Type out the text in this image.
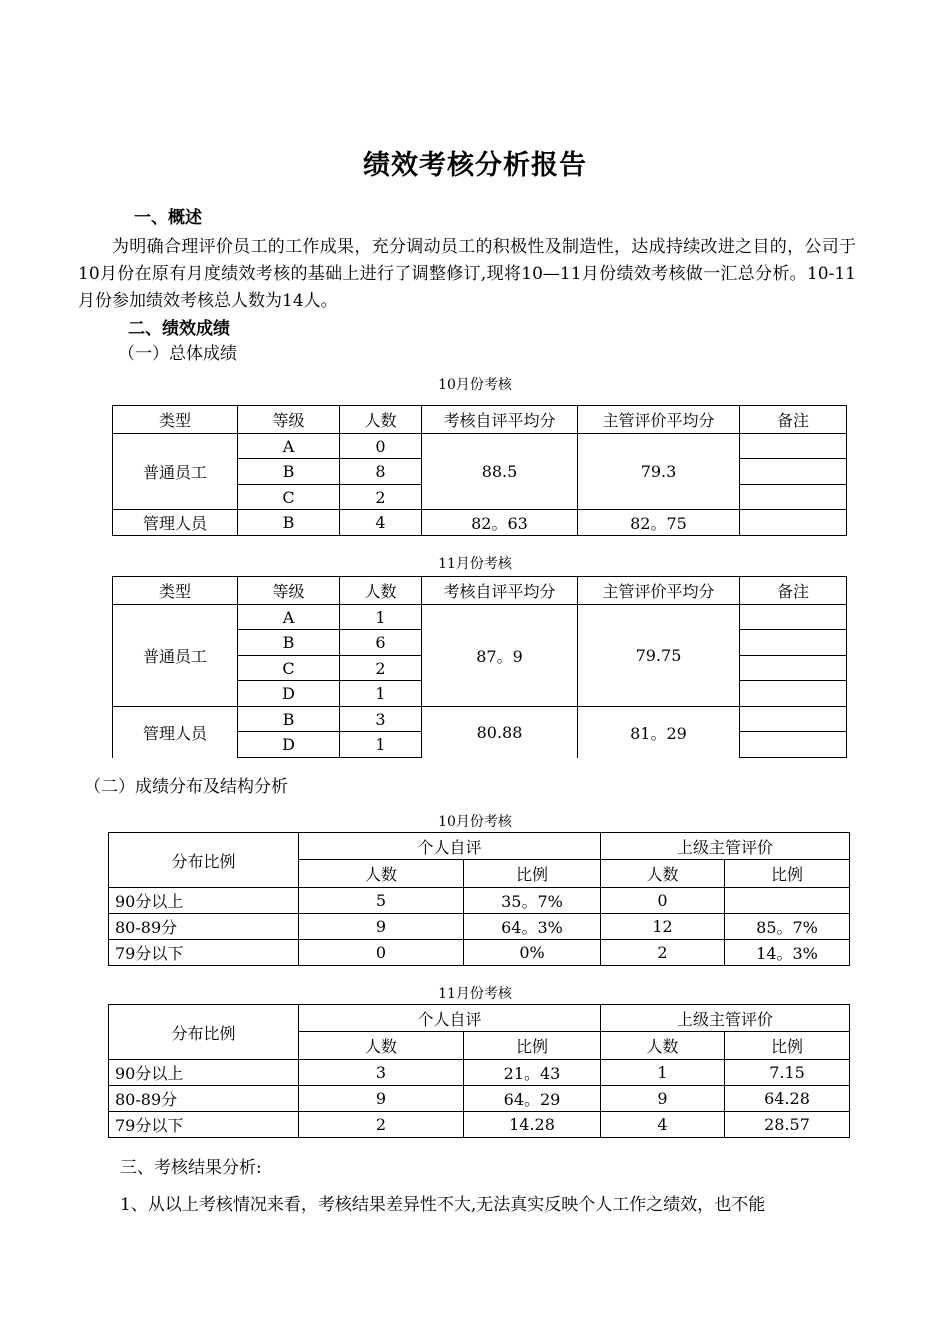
绩效考核分析报告
一、概述
为明确合理评价员工的工作成果，充分调动员工的积极性及制造性，达成持续改进之目的，公司于10月份在原有月度绩效考核的基础上进行了调整修订,现将10—11月份绩效考核做一汇总分析。10-11月份参加绩效考核总人数为14人。
二、绩效成绩
（一）总体成绩
10月份考核
类型	等级	人数	考核自评平均分	主管评价平均分	备注
普通员工	A	0	88.5	79.3	
	B	8			
	C	2			
管理人员	B	4	82。63	82。75	
11月份考核
类型	等级	人数	考核自评平均分	主管评价平均分	备注
普通员工	A	1	87。9	79.75	
	B	6			
	C	2			
	D	1			
管理人员	B	3	80.88	81。29	
	D	1			
（二）成绩分布及结构分析
10月份考核
分布比例	个人自评		上级主管评价	
	人数	比例	人数	比例
90分以上	5	35。7%	0	
80-89分	9	64。3%	12	85。7%
79分以下	0	0%	2	14。3%
11月份考核
分布比例	个人自评		上级主管评价	
	人数	比例	人数	比例
90分以上	3	21。43	1	7.15
80-89分	9	64。29	9	64.28
79分以下	2	14.28	4	28.57
三、考核结果分析:
1、从以上考核情况来看，考核结果差异性不大,无法真实反映个人工作之绩效，也不能
